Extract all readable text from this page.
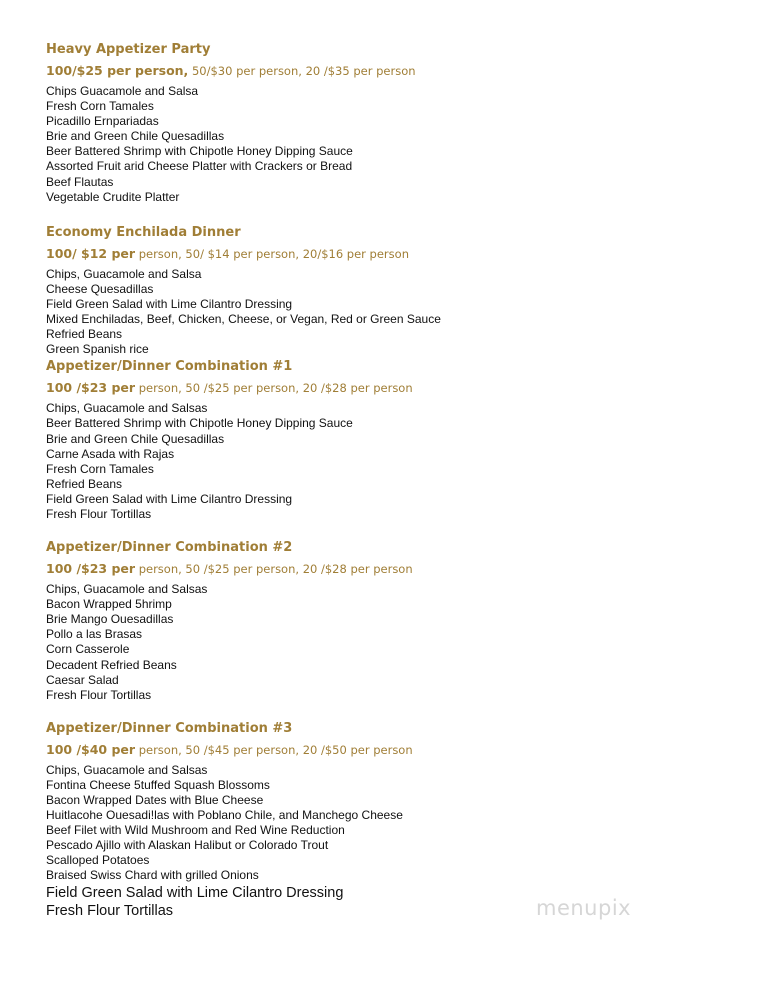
Heavy Appetizer Party
100/$25 per person, 50/$30 per person, 20 /$35 per person
Chips Guacamole and Salsa
Fresh Corn Tamales
Picadillo Ernpariadas
Brie and Green Chile Quesadillas
Beer Battered Shrimp with Chipotle Honey Dipping Sauce
Assorted Fruit arid Cheese Platter with Crackers or Bread
Beef Flautas
Vegetable Crudite Platter
Economy Enchilada Dinner
100/ $12 per person, 50/ $14 per person, 20/$16 per person
Chips, Guacamole and Salsa
Cheese Quesadillas
Field Green Salad with Lime Cilantro Dressing
Mixed Enchiladas, Beef, Chicken, Cheese, or Vegan, Red or Green Sauce
Refried Beans
Green Spanish rice
Appetizer/Dinner Combination #1
100 /$23 per person, 50 /$25 per person, 20 /$28 per person
Chips, Guacamole and Salsas
Beer Battered Shrimp with Chipotle Honey Dipping Sauce
Brie and Green Chile Quesadillas
Carne Asada with Rajas
Fresh Corn Tamales
Refried Beans
Field Green Salad with Lime Cilantro Dressing
Fresh Flour Tortillas
Appetizer/Dinner Combination #2
100 /$23 per person, 50 /$25 per person, 20 /$28 per person
Chips, Guacamole and Salsas
Bacon Wrapped 5hrimp
Brie Mango Ouesadillas
Pollo a las Brasas
Corn Casserole
Decadent Refried Beans
Caesar Salad
Fresh Flour Tortillas
Appetizer/Dinner Combination #3
100 /$40 per person, 50 /$45 per person, 20 /$50 per person
Chips, Guacamole and Salsas
Fontina Cheese 5tuffed Squash Blossoms
Bacon Wrapped Dates with Blue Cheese
Huitlacohe Ouesadi!las with Poblano Chile, and Manchego Cheese
Beef Filet with Wild Mushroom and Red Wine Reduction
Pescado Ajillo with Alaskan Halibut or Colorado Trout
Scalloped Potatoes
Braised Swiss Chard with grilled Onions
Field Green Salad with Lime Cilantro Dressing
Fresh Flour Tortillas	menupix
